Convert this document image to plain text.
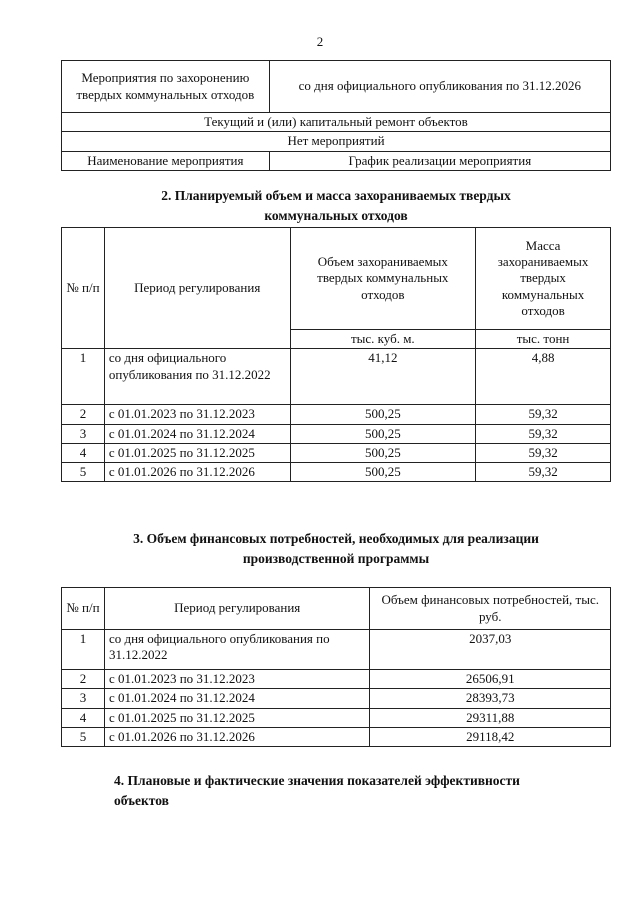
2
Мероприятия по захоронению твердых коммунальных отходов	со дня официального опубликования по 31.12.2026
Текущий и (или) капитальный ремонт объектов	
Нет мероприятий	
Наименование мероприятия	График реализации мероприятия
2. Планируемый объем и масса захораниваемых твердых
коммунальных отходов
№ п/п	Период регулирования	Объем захораниваемых твердых коммунальных отходов	Масса захораниваемых твердых коммунальных отходов
		тыс. куб. м.	тыс. тонн
1	со дня официального опубликования по 31.12.2022	41,12	4,88
2	с 01.01.2023 по 31.12.2023	500,25	59,32
3	с 01.01.2024 по 31.12.2024	500,25	59,32
4	с 01.01.2025 по 31.12.2025	500,25	59,32
5	с 01.01.2026 по 31.12.2026	500,25	59,32
3. Объем финансовых потребностей, необходимых для реализации
производственной программы
№ п/п	Период регулирования	Объем финансовых потребностей, тыс. руб.
1	со дня официального опубликования по 31.12.2022	2037,03
2	с 01.01.2023 по 31.12.2023	26506,91
3	с 01.01.2024 по 31.12.2024	28393,73
4	с 01.01.2025 по 31.12.2025	29311,88
5	с 01.01.2026 по 31.12.2026	29118,42
4. Плановые и фактические значения показателей эффективности
объектов
